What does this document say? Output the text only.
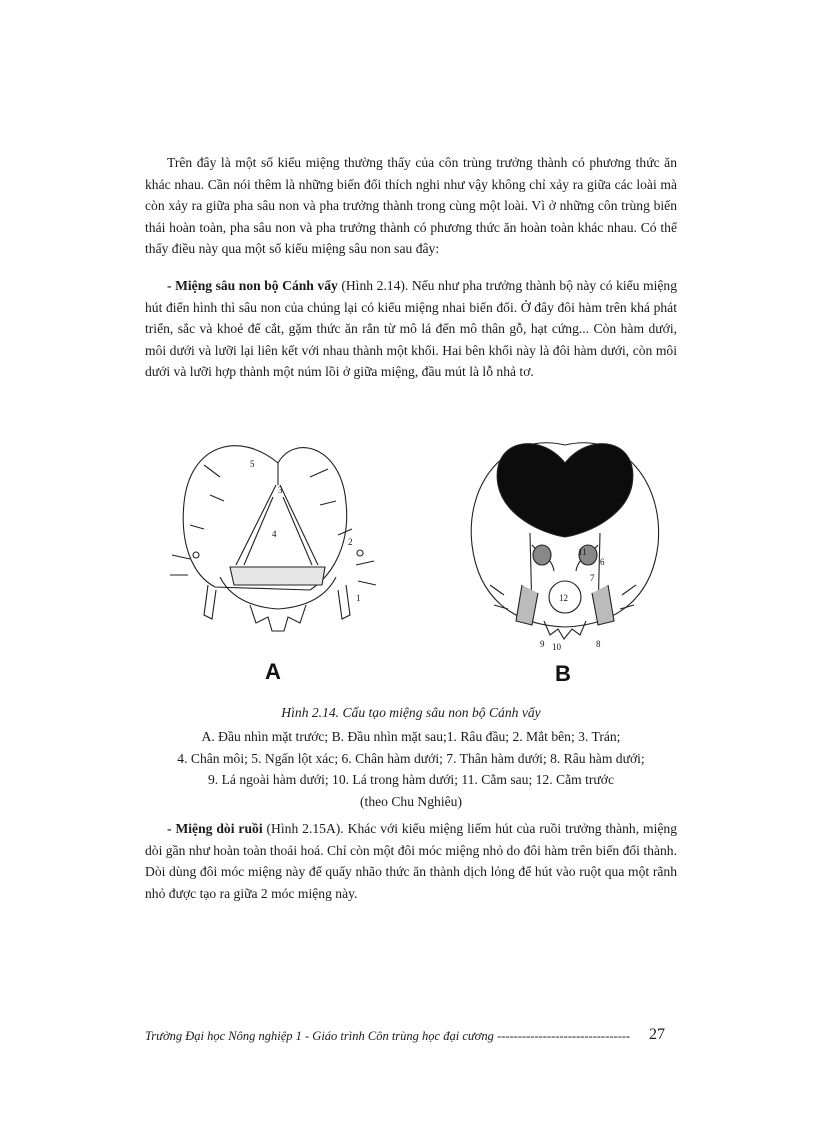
Trên đây là một số kiểu miệng thường thấy của côn trùng trưởng thành có phương thức ăn khác nhau. Cần nói thêm là những biến đổi thích nghi như vậy không chỉ xảy ra giữa các loài mà còn xảy ra giữa pha sâu non và pha trưởng thành trong cùng một loài. Vì ở những côn trùng biến thái hoàn toàn, pha sâu non và pha trưởng thành có phương thức ăn hoàn toàn khác nhau. Có thể thấy điều này qua một số kiểu miệng sâu non sau đây:

- Miệng sâu non bộ Cánh vẩy (Hình 2.14). Nếu như pha trưởng thành bộ này có kiểu miệng hút điển hình thì sâu non của chúng lại có kiểu miệng nhai biến đổi. Ở đây đôi hàm trên khá phát triển, sắc và khoẻ để cắt, gặm thức ăn rắn từ mô lá đến mô thân gỗ, hạt cứng... Còn hàm dưới, môi dưới và lưỡi lại liên kết với nhau thành một khối. Hai bên khối này là đôi hàm dưới, còn môi dưới và lưỡi hợp thành một núm lồi ở giữa miệng, đầu mút là lỗ nhả tơ.

5
3
4
2
1
A
11
6
7
12
9 10	8
B

Hình 2.14. Cấu tạo miệng sâu non bộ Cánh vẩy

A. Đầu nhìn mặt trước; B. Đầu nhìn mặt sau;1. Râu đầu; 2. Mắt bên; 3. Trán;
4. Chân môi; 5. Ngấn lột xác; 6. Chân hàm dưới; 7. Thân hàm dưới; 8. Râu hàm dưới;
9. Lá ngoài hàm dưới; 10. Lá trong hàm dưới; 11. Cằm sau; 12. Cằm trước
(theo Chu Nghiêu)

- Miệng dòi ruồi (Hình 2.15A). Khác với kiểu miệng liếm hút của ruồi trưởng thành, miệng dòi gần như hoàn toàn thoái hoá. Chỉ còn một đôi móc miệng nhỏ do đôi hàm trên biến đổi thành. Dòi dùng đôi móc miệng này để quấy nhão thức ăn thành dịch lỏng để hút vào ruột qua một rãnh nhỏ được tạo ra giữa 2 móc miệng này.

Trường Đại học Nông nghiệp 1 - Giáo trình Côn trùng học đại cương -------------------------------- 27
